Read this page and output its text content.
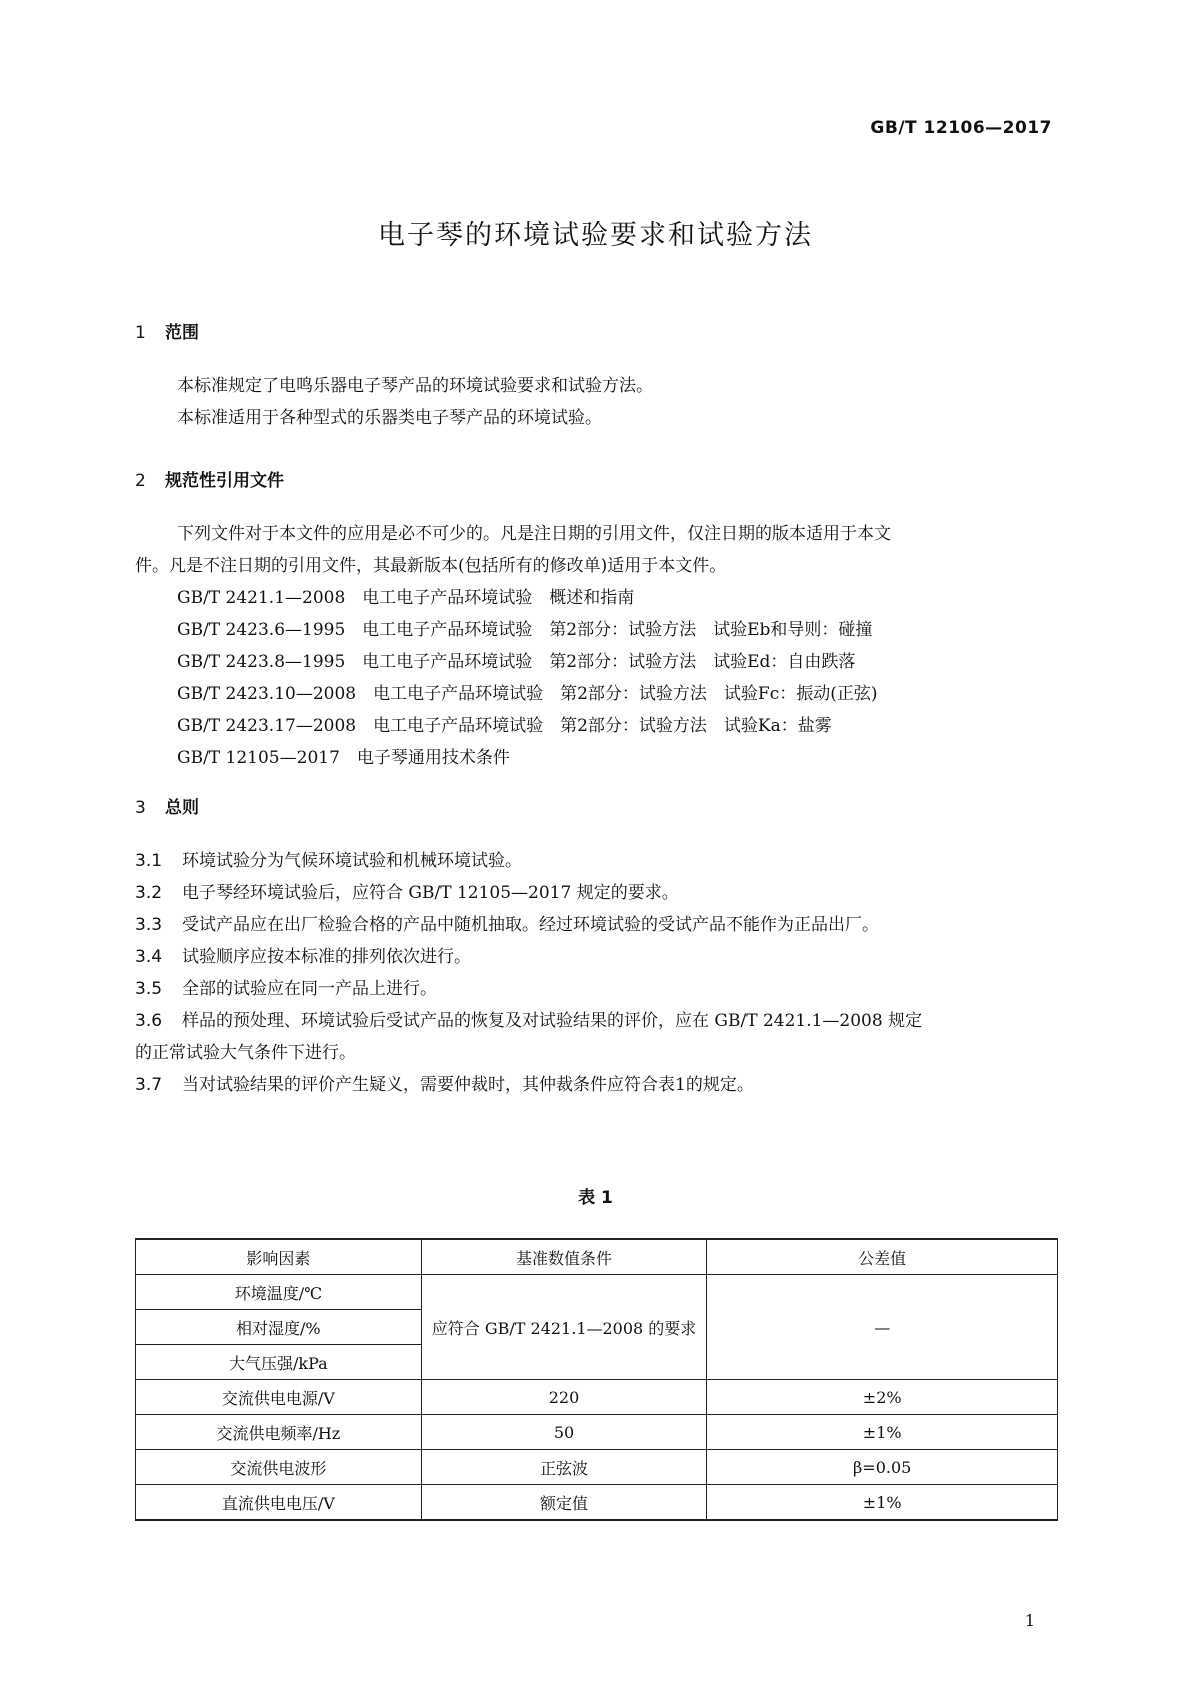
GB/T 12106—2017
电子琴的环境试验要求和试验方法
1 范围
本标准规定了电鸣乐器电子琴产品的环境试验要求和试验方法。
本标准适用于各种型式的乐器类电子琴产品的环境试验。
2 规范性引用文件
下列文件对于本文件的应用是必不可少的。凡是注日期的引用文件，仅注日期的版本适用于本文
件。凡是不注日期的引用文件，其最新版本(包括所有的修改单)适用于本文件。
GB/T 2421.1—2008　电工电子产品环境试验　概述和指南
GB/T 2423.6—1995　电工电子产品环境试验　第2部分：试验方法　试验Eb和导则：碰撞
GB/T 2423.8—1995　电工电子产品环境试验　第2部分：试验方法　试验Ed：自由跌落
GB/T 2423.10—2008　电工电子产品环境试验　第2部分：试验方法　试验Fc：振动(正弦)
GB/T 2423.17—2008　电工电子产品环境试验　第2部分：试验方法　试验Ka：盐雾
GB/T 12105—2017　电子琴通用技术条件
3 总则
3.1 环境试验分为气候环境试验和机械环境试验。
3.2 电子琴经环境试验后，应符合 GB/T 12105—2017 规定的要求。
3.3 受试产品应在出厂检验合格的产品中随机抽取。经过环境试验的受试产品不能作为正品出厂。
3.4 试验顺序应按本标准的排列依次进行。
3.5 全部的试验应在同一产品上进行。
3.6 样品的预处理、环境试验后受试产品的恢复及对试验结果的评价，应在 GB/T 2421.1—2008 规定
的正常试验大气条件下进行。
3.7 当对试验结果的评价产生疑义，需要仲裁时，其仲裁条件应符合表1的规定。
表 1
影响因素	基准数值条件	公差值
环境温度/℃	应符合 GB/T 2421.1—2008 的要求	—
相对湿度/%		
大气压强/kPa		
交流供电电源/V	220	±2%
交流供电频率/Hz	50	±1%
交流供电波形	正弦波	β=0.05
直流供电电压/V	额定值	±1%
1
